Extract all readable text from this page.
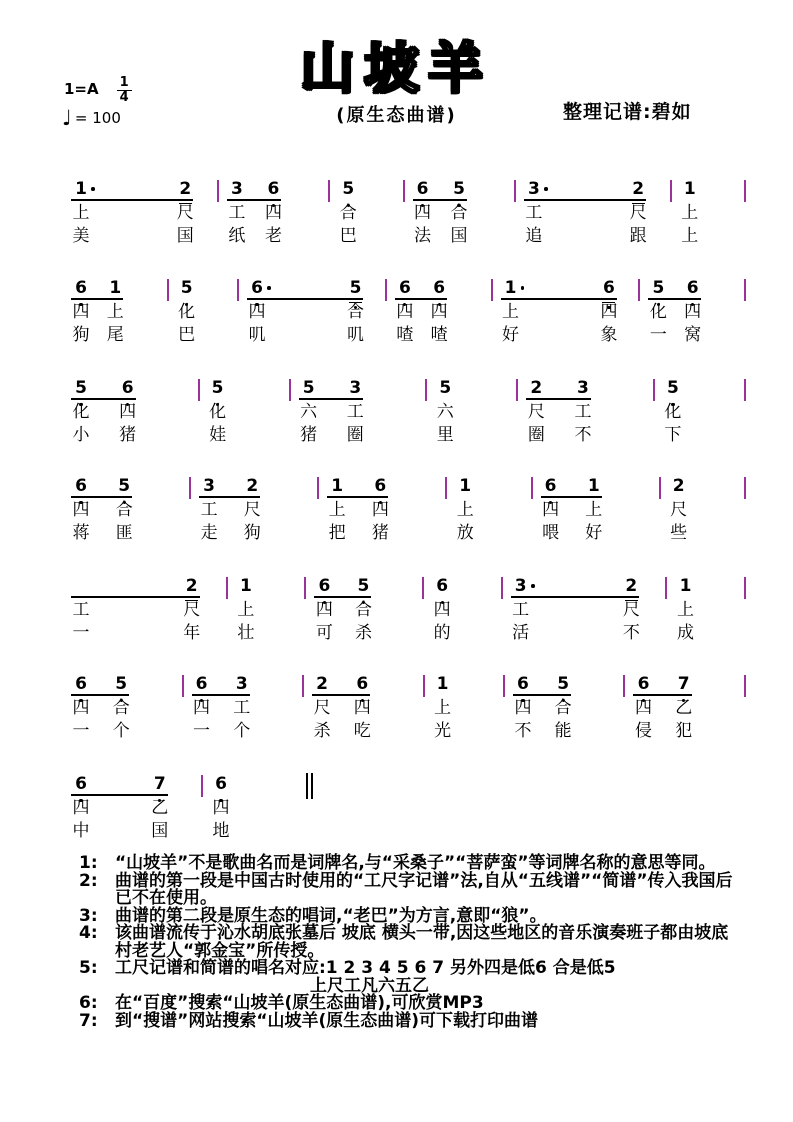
$1=A \frac{1}{4}$
♩ = 100
山坡羊
(原生态曲谱)	整理记谱:碧如
1
上
美
2
尺
国
3
工
纸
6
四
老
5
合
巴
6
四
法
5
合
国
3
工
追
2
尺
跟
1
上
上
6
四
狗
1
上
尾
5
化
巴
6
四
叽
5
合
叽
6
四
喳
6
四
喳
1
上
好
6
四
象
5
化
一
6
四
窝
5
化
小
6
四
猪
5
化
娃
5
六
猪
3
工
圈
5
六
里
2
尺
圈
3
工
不
5
化
下
6
四
蒋
5
合
匪
3
工
走
2
尺
狗
1
上
把
6
四
猪
1
上
放
6
四
喂
1
上
好
2
尺
些
工
一
2
尺
年
1
上
壮
6
四
可
5
合
杀
6
四
的
3
工
活
2
尺
不
1
上
成
6
四
一
5
合
个
6
四
一
3
工
个
2
尺
杀
6
四
吃
1
上
光
6
四
不
5
合
能
6
四
侵
7
乙
犯
6
四
中
7
乙
国
6
四
地
1:	“山坡羊”不是歌曲名而是词牌名,与“采桑子”“菩萨蛮”等词牌名称的意思等同。
2:	曲谱的第一段是中国古时使用的“工尺字记谱”法,自从“五线谱”“简谱”传入我国后
已不在使用。
3:	曲谱的第二段是原生态的唱词,“老巴”为方言,意即“狼”。
4:	该曲谱流传于沁水胡底张墓后 坡底 横头一带,因这些地区的音乐演奏班子都由坡底
村老艺人“郭金宝”所传授。
5:	工尺记谱和简谱的唱名对应:1 2 3 4 5 6 7 另外四是低6 合是低5
上尺工凡六五乙
6:	在“百度”搜索“山坡羊(原生态曲谱),可欣赏MP3
7:	到“搜谱”网站搜索“山坡羊(原生态曲谱)可下载打印曲谱
